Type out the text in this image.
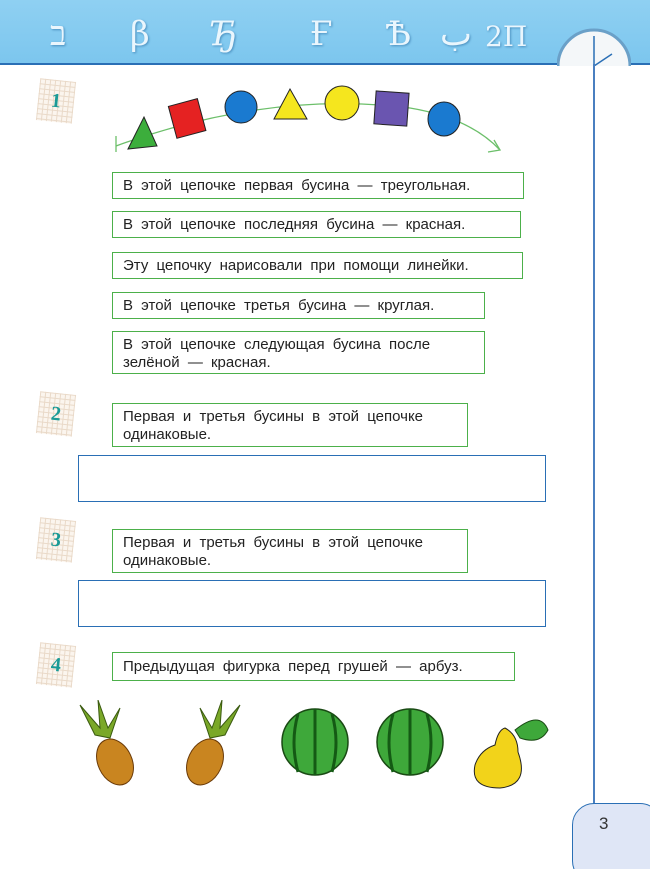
ב β Ђ Ғ Ѣ ب 2П
1
В этой цепочке первая бусина — треугольная.
В этой цепочке последняя бусина — красная.
Эту цепочку нарисовали при помощи линейки.
В этой цепочке третья бусина — круглая.
В этой цепочке следующая бусина после зелёной — красная.
2	Первая и третья бусины в этой цепочке одинаковые.
3	Первая и третья бусины в этой цепочке одинаковые.
4	Предыдущая фигурка перед грушей — арбуз.
3
